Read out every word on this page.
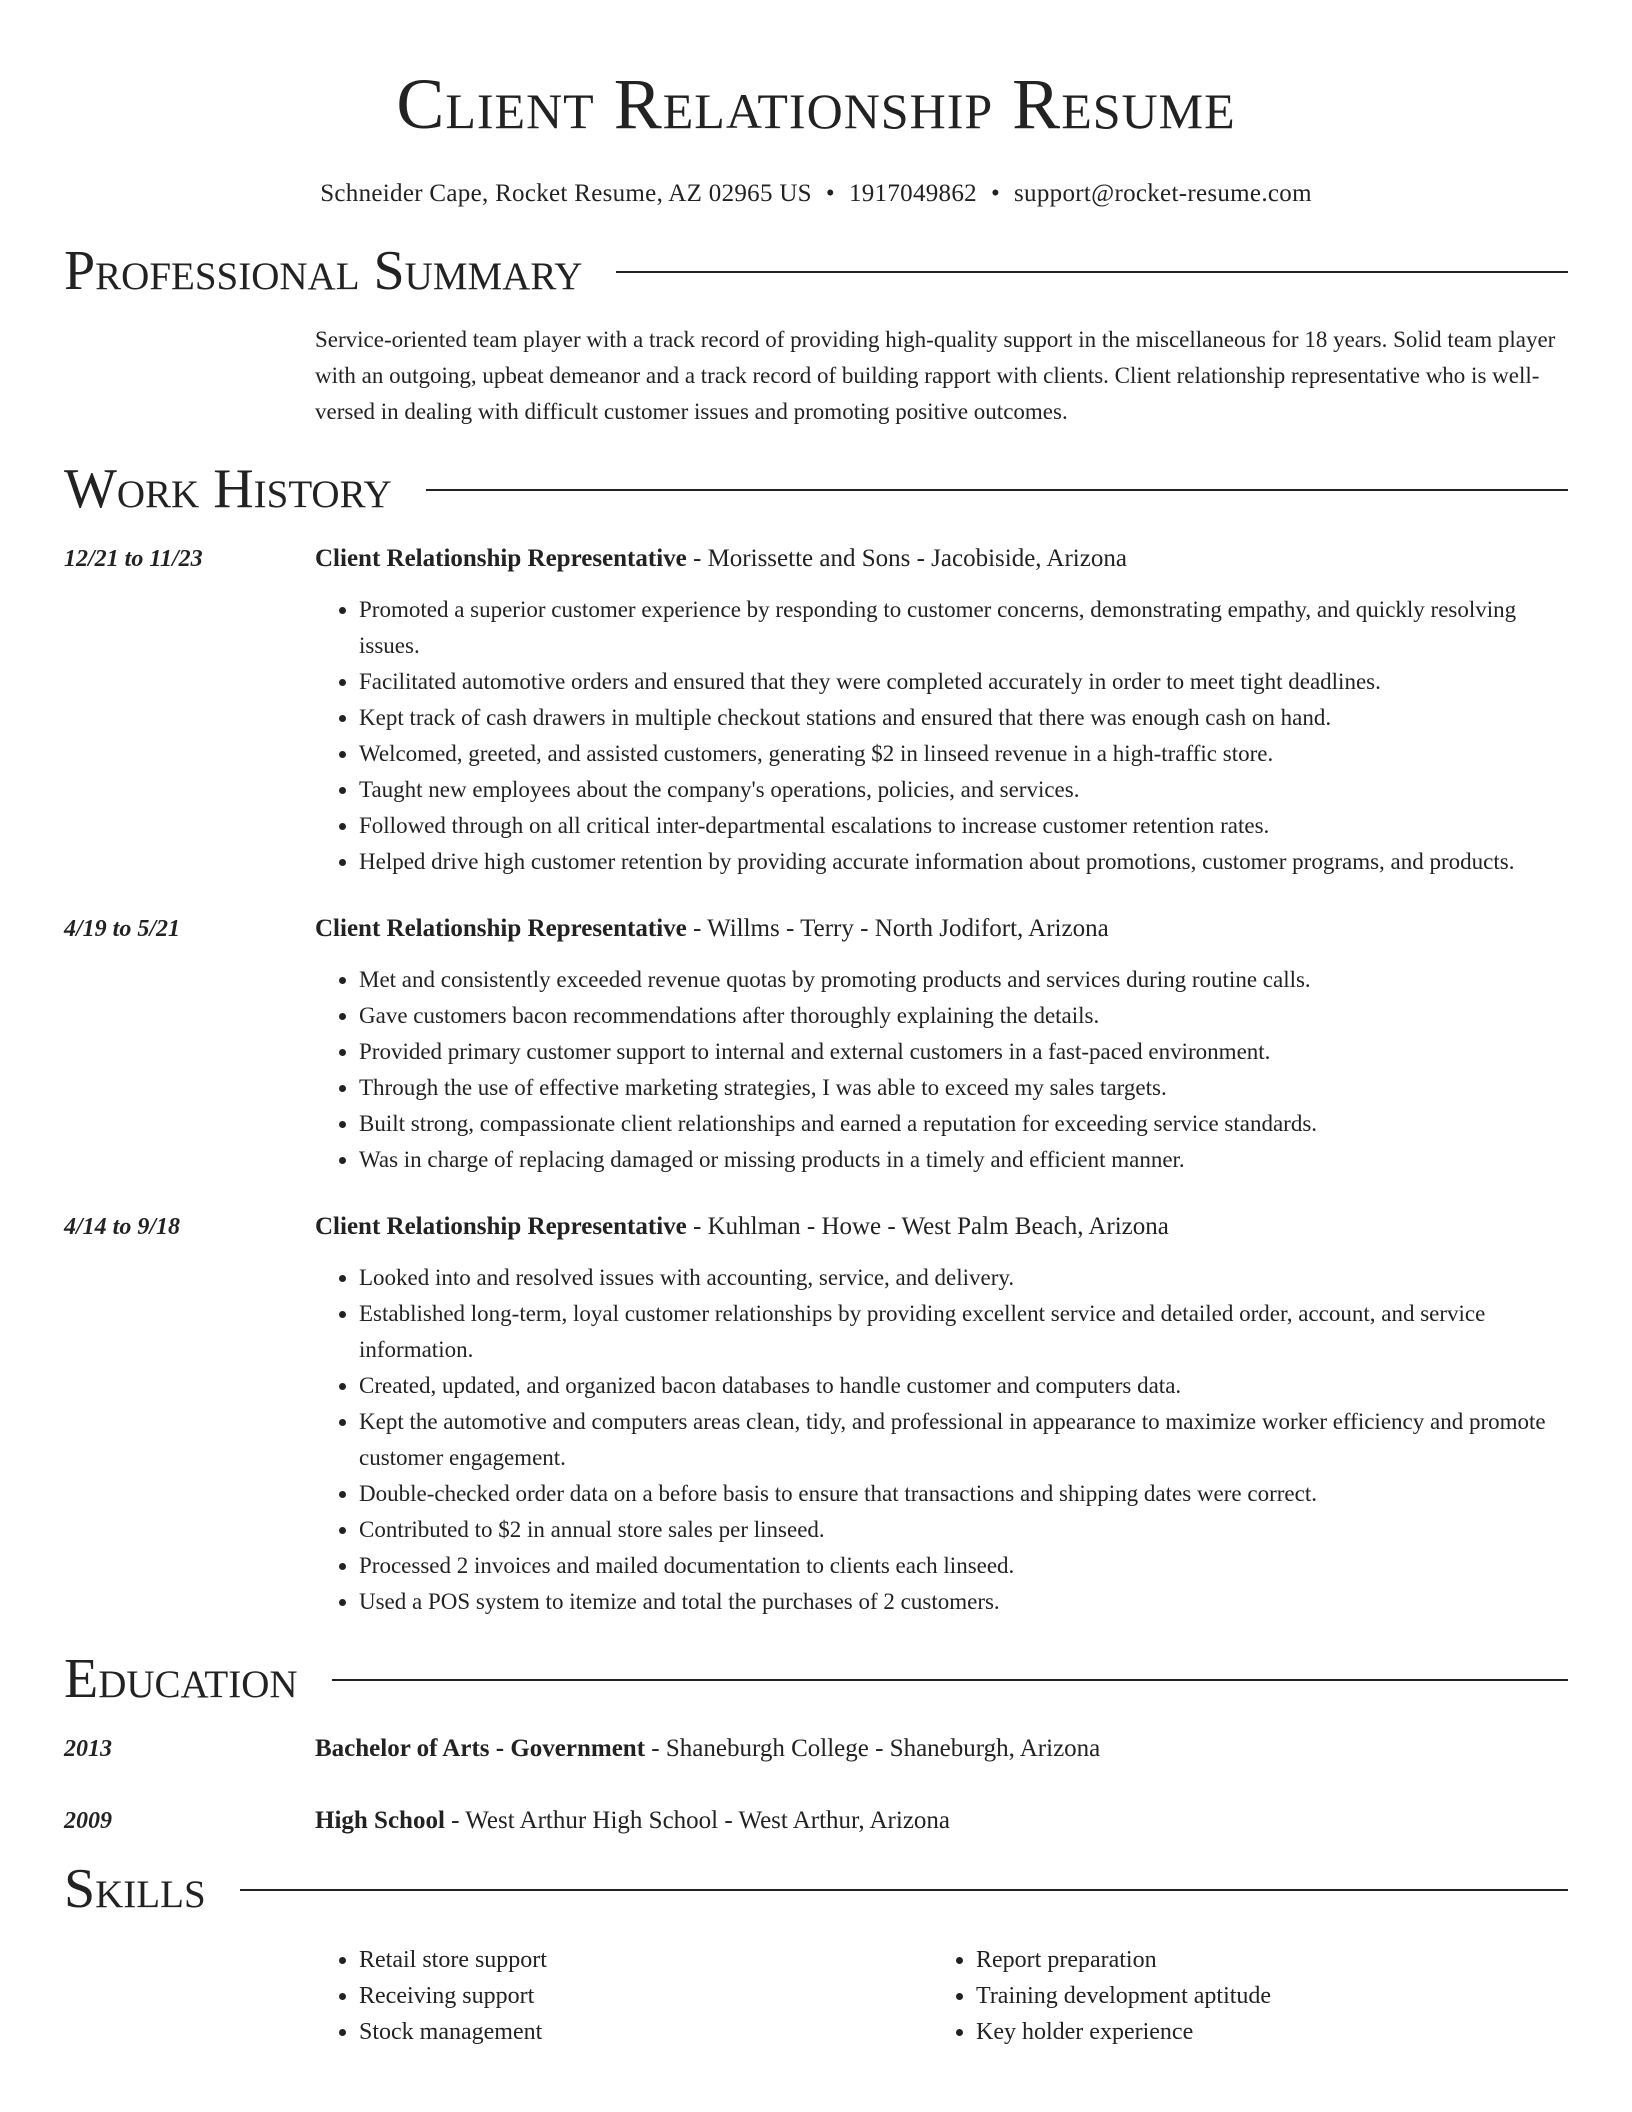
Client Relationship Resume
Schneider Cape, Rocket Resume, AZ 02965 US • 1917049862 • support@rocket-resume.com
Professional Summary
Service-oriented team player with a track record of providing high-quality support in the miscellaneous for 18 years. Solid team player with an outgoing, upbeat demeanor and a track record of building rapport with clients. Client relationship representative who is well-versed in dealing with difficult customer issues and promoting positive outcomes.
Work History
12/21 to 11/23	Client Relationship Representative - Morissette and Sons - Jacobiside, Arizona
• Promoted a superior customer experience by responding to customer concerns, demonstrating empathy, and quickly resolving issues.
• Facilitated automotive orders and ensured that they were completed accurately in order to meet tight deadlines.
• Kept track of cash drawers in multiple checkout stations and ensured that there was enough cash on hand.
• Welcomed, greeted, and assisted customers, generating $2 in linseed revenue in a high-traffic store.
• Taught new employees about the company's operations, policies, and services.
• Followed through on all critical inter-departmental escalations to increase customer retention rates.
• Helped drive high customer retention by providing accurate information about promotions, customer programs, and products.
4/19 to 5/21	Client Relationship Representative - Willms - Terry - North Jodifort, Arizona
• Met and consistently exceeded revenue quotas by promoting products and services during routine calls.
• Gave customers bacon recommendations after thoroughly explaining the details.
• Provided primary customer support to internal and external customers in a fast-paced environment.
• Through the use of effective marketing strategies, I was able to exceed my sales targets.
• Built strong, compassionate client relationships and earned a reputation for exceeding service standards.
• Was in charge of replacing damaged or missing products in a timely and efficient manner.
4/14 to 9/18	Client Relationship Representative - Kuhlman - Howe - West Palm Beach, Arizona
• Looked into and resolved issues with accounting, service, and delivery.
• Established long-term, loyal customer relationships by providing excellent service and detailed order, account, and service information.
• Created, updated, and organized bacon databases to handle customer and computers data.
• Kept the automotive and computers areas clean, tidy, and professional in appearance to maximize worker efficiency and promote customer engagement.
• Double-checked order data on a before basis to ensure that transactions and shipping dates were correct.
• Contributed to $2 in annual store sales per linseed.
• Processed 2 invoices and mailed documentation to clients each linseed.
• Used a POS system to itemize and total the purchases of 2 customers.
Education
2013	Bachelor of Arts - Government - Shaneburgh College - Shaneburgh, Arizona
2009	High School - West Arthur High School - West Arthur, Arizona
Skills
• Retail store support
• Receiving support
• Stock management
• Report preparation
• Training development aptitude
• Key holder experience
